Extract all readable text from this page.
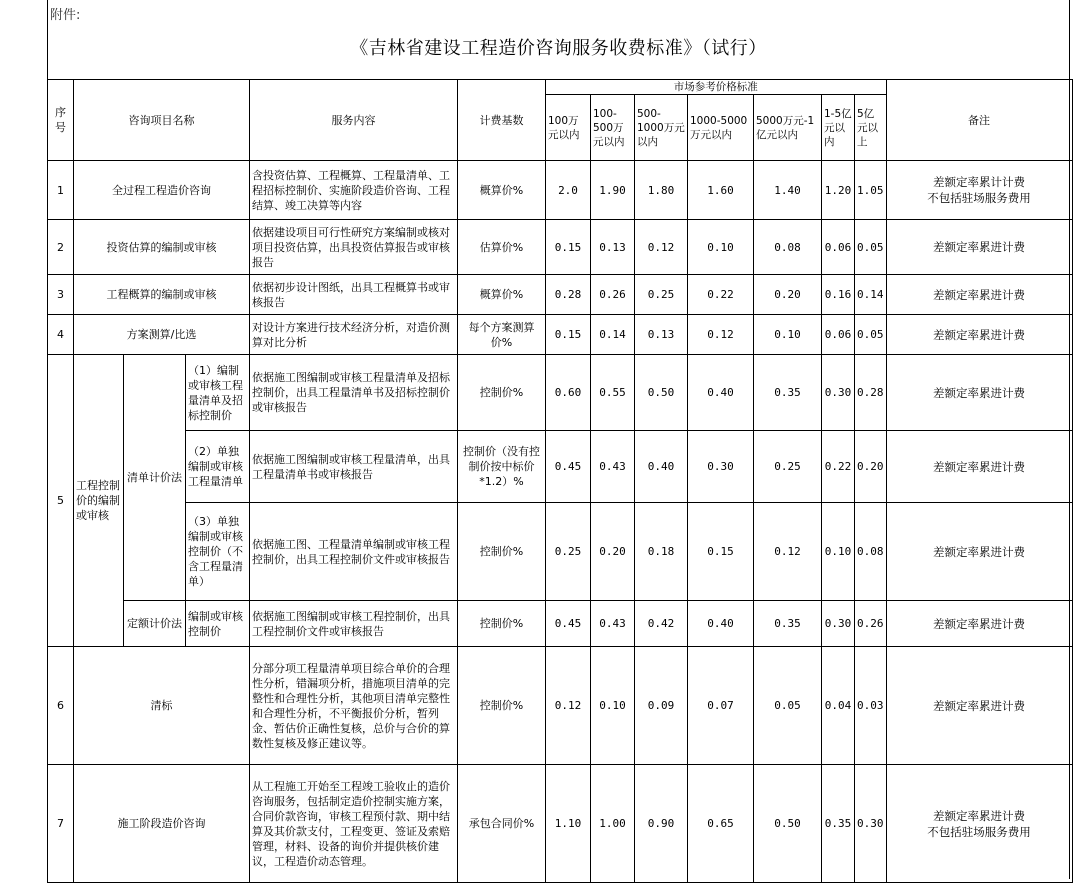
附件:
《吉林省建设工程造价咨询服务收费标准》（试行）
序号	咨询项目名称			服务内容	计费基数	市场参考价格标准							备注
						100万元以内	100-500万元以内	500-1000万元以内	1000-5000万元以内	5000万元-1亿元以内	1-5亿元以内	5亿元以上	
1	全过程工程造价咨询			含投资估算、工程概算、工程量清单、工程招标控制价、实施阶段造价咨询、工程结算、竣工决算等内容	概算价%	2.0	1.90	1.80	1.60	1.40	1.20	1.05	差额定率累计计费
不包括驻场服务费用

2	投资估算的编制或审核			依据建设项目可行性研究方案编制或核对项目投资估算，出具投资估算报告或审核报告	估算价%	0.15	0.13	0.12	0.10	0.08	0.06	0.05	差额定率累进计费
3	工程概算的编制或审核			依据初步设计图纸，出具工程概算书或审核报告	概算价%	0.28	0.26	0.25	0.22	0.20	0.16	0.14	差额定率累进计费
4	方案测算/比选			对设计方案进行技术经济分析，对造价测算对比分析	每个方案测算价%	0.15	0.14	0.13	0.12	0.10	0.06	0.05	差额定率累进计费
5	工程控制价的编制或审核	清单计价法	（1）编制或审核工程量清单及招标控制价	依据施工图编制或审核工程量清单及招标控制价，出具工程量清单书及招标控制价或审核报告	控制价%	0.60	0.55	0.50	0.40	0.35	0.30	0.28	差额定率累进计费
			（2）单独编制或审核工程量清单	依据施工图编制或审核工程量清单，出具工程量清单书或审核报告	控制价（没有控制价按中标价*1.2）%	0.45	0.43	0.40	0.30	0.25	0.22	0.20	差额定率累进计费
			（3）单独编制或审核控制价（不含工程量清单）	依据施工图、工程量清单编制或审核工程控制价，出具工程控制价文件或审核报告	控制价%	0.25	0.20	0.18	0.15	0.12	0.10	0.08	差额定率累进计费
		定额计价法	编制或审核控制价	依据施工图编制或审核工程控制价，出具工程控制价文件或审核报告	控制价%	0.45	0.43	0.42	0.40	0.35	0.30	0.26	差额定率累进计费
6	清标			分部分项工程量清单项目综合单价的合理性分析，错漏项分析，措施项目清单的完整性和合理性分析，其他项目清单完整性和合理性分析，不平衡报价分析，暂列金、暂估价正确性复核，总价与合价的算数性复核及修正建议等。	控制价%	0.12	0.10	0.09	0.07	0.05	0.04	0.03	差额定率累进计费
7	施工阶段造价咨询			从工程施工开始至工程竣工验收止的造价咨询服务，包括制定造价控制实施方案，合同价款咨询，审核工程预付款、期中结算及其价款支付，工程变更、签证及索赔管理，材料、设备的询价并提供核价建议，工程造价动态管理。	承包合同价%	1.10	1.00	0.90	0.65	0.50	0.35	0.30	差额定率累进计费
不包括驻场服务费用
